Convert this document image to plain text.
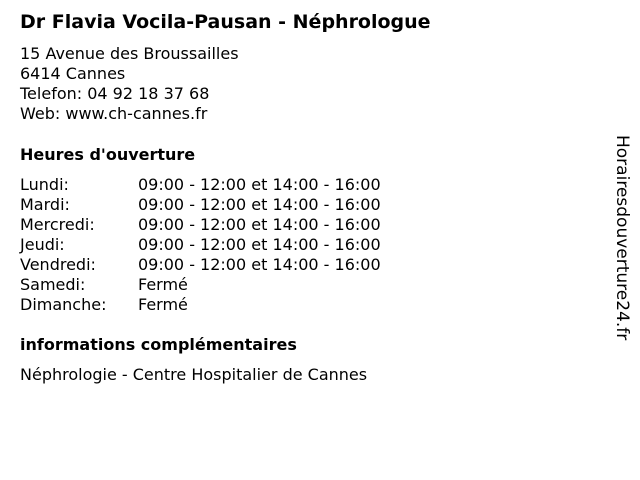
Dr Flavia Vocila-Pausan - Néphrologue
15 Avenue des Broussailles
6414 Cannes
Telefon: 04 92 18 37 68
Web: www.ch-cannes.fr
Heures d'ouverture
Lundi:	09:00 - 12:00 et 14:00 - 16:00
Mardi:	09:00 - 12:00 et 14:00 - 16:00
Mercredi:	09:00 - 12:00 et 14:00 - 16:00
Jeudi:	09:00 - 12:00 et 14:00 - 16:00
Vendredi:	09:00 - 12:00 et 14:00 - 16:00
Samedi:	Fermé
Dimanche: Fermé
informations complémentaires
Néphrologie - Centre Hospitalier de Cannes
Horairesdouverture24.fr
